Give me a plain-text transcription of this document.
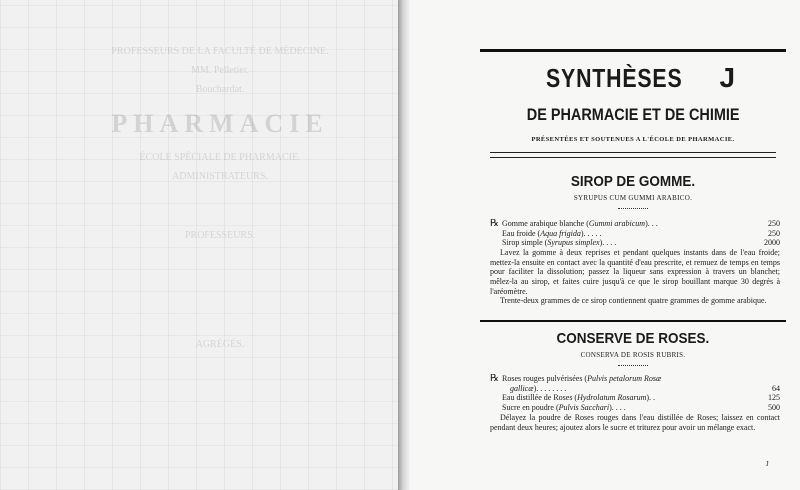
PROFESSEURS DE LA FACULTÉ DE MÉDECINE.
MM. Pelletier.
Bouchardat.
PHARMACIE
ÉCOLE SPÉCIALE DE PHARMACIE.
ADMINISTRATEURS.
PROFESSEURS.
AGRÉGÉS.
SYNTHÈSES J
DE PHARMACIE ET DE CHIMIE
PRÉSENTÉES ET SOUTENUES A L'ÉCOLE DE PHARMACIE.
SIROP DE GOMME.
SYRUPUS CUM GUMMI ARABICO.
℞ Gomme arabique blanche (Gummi arabicum). . .	250
Eau froide (Aqua frigida). . . . .	250
Sirop simple (Syrupus simplex). . . .	2000
Lavez la gomme à deux reprises et pendant quelques instants dans de l'eau froide; mettez-la ensuite en contact avec la quantité d'eau prescrite, et remuez de temps en temps pour faciliter la dissolution; passez la liqueur sans expression à travers un blanchet; mêlez-la au sirop, et faites cuire jusqu'à ce que le sirop bouillant marque 30 degrés à l'aréomètre.
Trente-deux grammes de ce sirop contiennent quatre grammes de gomme arabique.
CONSERVE DE ROSES.
CONSERVA DE ROSIS RUBRIS.
℞ Roses rouges pulvérisées (Pulvis petalorum Rosæ
gallicæ). . . . . . . .	64
Eau distillée de Roses (Hydrolatum Rosarum). .	125
Sucre en poudre (Pulvis Sacchari). . . .	500
Délayez la poudre de Roses rouges dans l'eau distillée de Roses; laissez en contact pendant deux heures; ajoutez alors le sucre et triturez pour avoir un mélange exact.
J
